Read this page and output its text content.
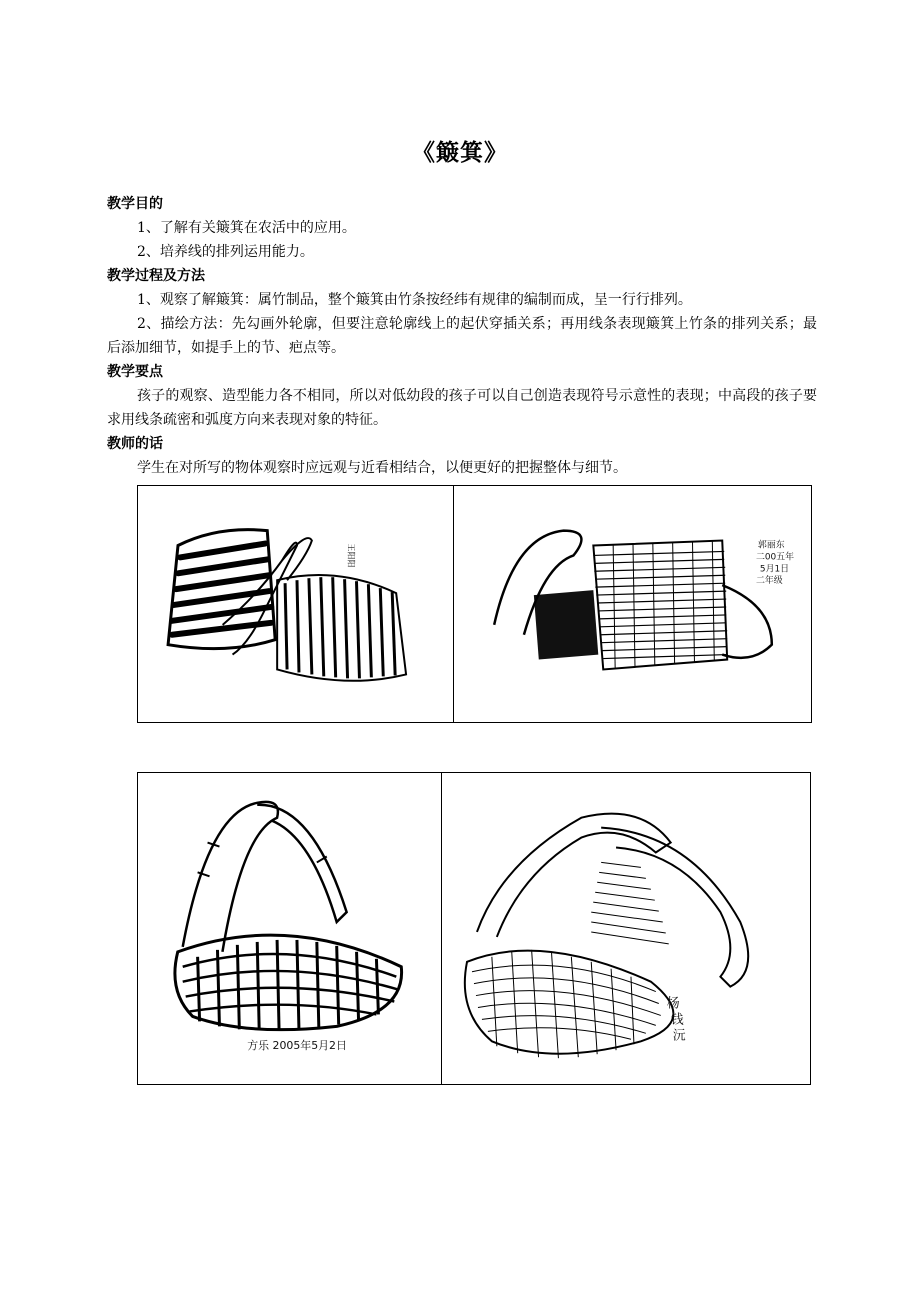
《簸箕》
教学目的
1、了解有关簸箕在农活中的应用。
2、培养线的排列运用能力。
教学过程及方法
1、观察了解簸箕：属竹制品，整个簸箕由竹条按经纬有规律的编制而成，呈一行行排列。
2、描绘方法：先勾画外轮廓，但要注意轮廓线上的起伏穿插关系；再用线条表现簸箕上竹条的排列关系；最后添加细节，如提手上的节、疤点等。
教学要点
孩子的观察、造型能力各不相同，所以对低幼段的孩子可以自己创造表现符号示意性的表现；中高段的孩子要求用线条疏密和弧度方向来表现对象的特征。
教师的话
学生在对所写的物体观察时应远观与近看相结合，以便更好的把握整体与细节。
王阳阳	郭丽东
二00五年
5月1日
二年级
方乐 2005年5月2日
杨
钱
沅
